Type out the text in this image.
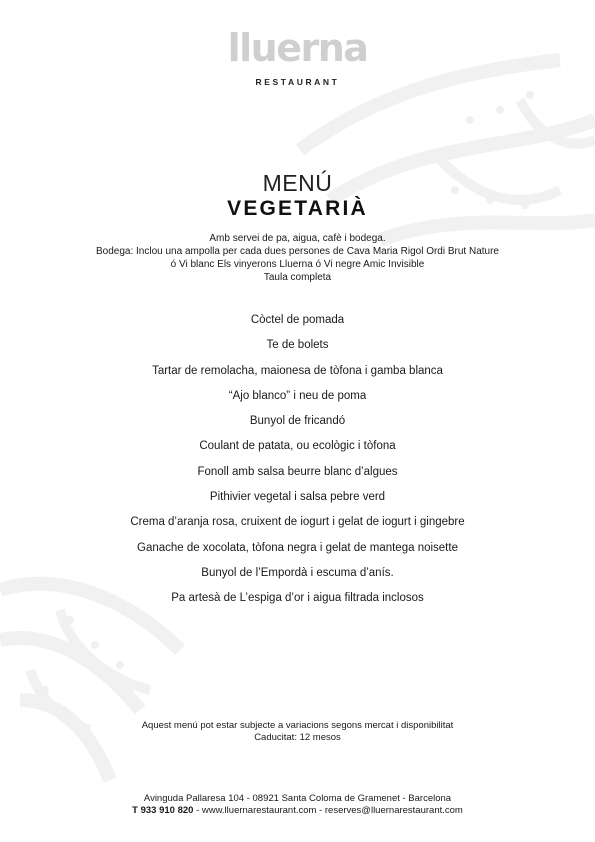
lluerna
RESTAURANT
MENÚ
VEGETARIÀ
Amb servei de pa, aigua, cafè i bodega.
Bodega: Inclou una ampolla per cada dues persones de Cava Maria Rigol Ordi Brut Nature
ó Vi blanc Els vinyerons Lluerna ó Vi negre Amic Invisible
Taula completa
Còctel de pomada
Te de bolets
Tartar de remolacha, maionesa de tòfona i gamba blanca
“Ajo blanco” i neu de poma
Bunyol de fricandó
Coulant de patata, ou ecològic i tòfona
Fonoll amb salsa beurre blanc d’algues
Pithivier vegetal i salsa pebre verd
Crema d’aranja rosa, cruixent de iogurt i gelat de iogurt i gingebre
Ganache de xocolata, tòfona negra i gelat de mantega noisette
Bunyol de l’Empordà i escuma d’anís.
Pa artesà de L’espiga d’or i aigua filtrada inclosos
Aquest menú pot estar subjecte a variacions segons mercat i disponibilitat
Caducitat: 12 mesos
Avinguda Pallaresa 104 - 08921 Santa Coloma de Gramenet - Barcelona
T 933 910 820 - www.lluernarestaurant.com - reserves@lluernarestaurant.com
